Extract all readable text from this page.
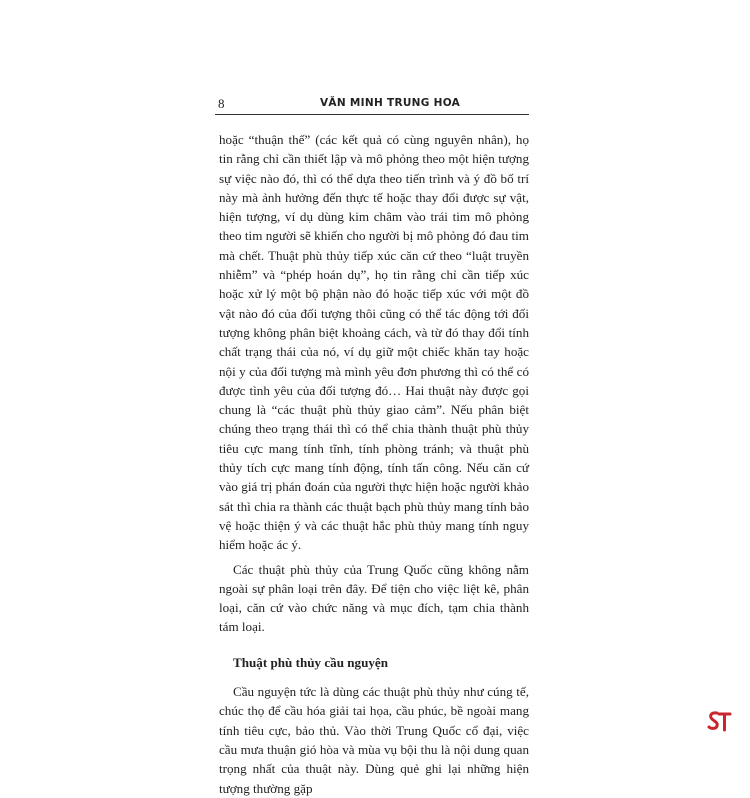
8	VĂN MINH TRUNG HOA

hoặc “thuận thế” (các kết quả có cùng nguyên nhân), họ tin rằng chỉ cần thiết lập và mô phỏng theo một hiện tượng sự việc nào đó, thì có thể dựa theo tiến trình và ý đồ bố trí này mà ảnh hưởng đến thực tế hoặc thay đổi được sự vật, hiện tượng, ví dụ dùng kim châm vào trái tim mô phỏng theo tim người sẽ khiến cho người bị mô phỏng đó đau tim mà chết. Thuật phù thủy tiếp xúc căn cứ theo “luật truyền nhiễm” và “phép hoán dụ”, họ tin rằng chỉ cần tiếp xúc hoặc xử lý một bộ phận nào đó hoặc tiếp xúc với một đồ vật nào đó của đối tượng thôi cũng có thể tác động tới đối tượng không phân biệt khoảng cách, và từ đó thay đổi tính chất trạng thái của nó, ví dụ giữ một chiếc khăn tay hoặc nội y của đối tượng mà mình yêu đơn phương thì có thể có được tình yêu của đối tượng đó… Hai thuật này được gọi chung là “các thuật phù thủy giao cảm”. Nếu phân biệt chúng theo trạng thái thì có thể chia thành thuật phù thủy tiêu cực mang tính tĩnh, tính phòng tránh; và thuật phù thủy tích cực mang tính động, tính tấn công. Nếu căn cứ vào giá trị phán đoán của người thực hiện hoặc người khảo sát thì chia ra thành các thuật bạch phù thủy mang tính bảo vệ hoặc thiện ý và các thuật hắc phù thủy mang tính nguy hiểm hoặc ác ý.

Các thuật phù thủy của Trung Quốc cũng không nằm ngoài sự phân loại trên đây. Để tiện cho việc liệt kê, phân loại, căn cứ vào chức năng và mục đích, tạm chia thành tám loại.

Thuật phù thủy cầu nguyện

Cầu nguyện tức là dùng các thuật phù thủy như cúng tế, chúc thọ để cầu hóa giải tai họa, cầu phúc, bề ngoài mang tính tiêu cực, bảo thủ. Vào thời Trung Quốc cổ đại, việc cầu mưa thuận gió hòa và mùa vụ bội thu là nội dung quan trọng nhất của thuật này. Dùng quẻ ghi lại những hiện tượng thường gặp
